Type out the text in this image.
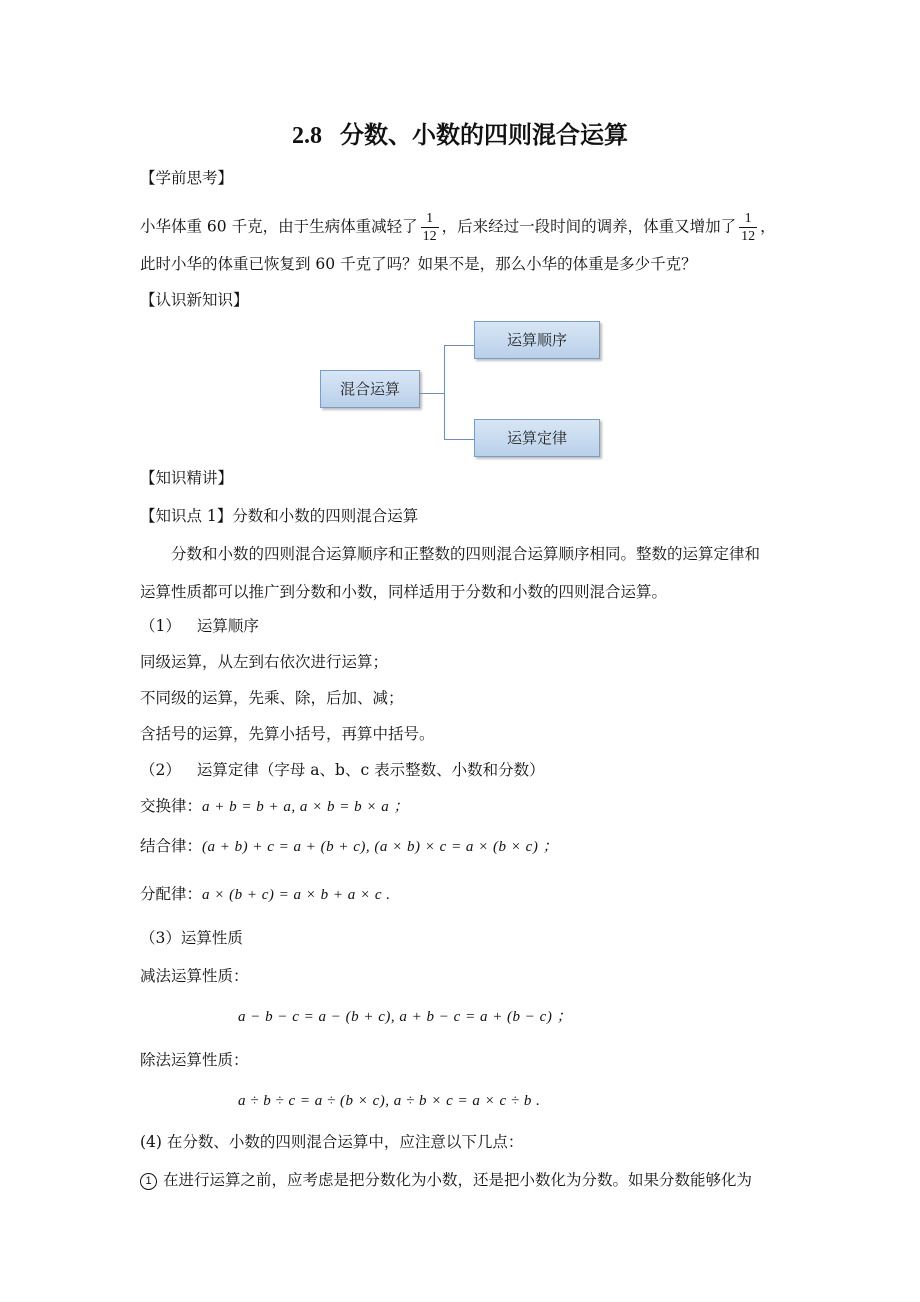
2.8 分数、小数的四则混合运算
【学前思考】
小华体重 60 千克，由于生病体重减轻了 $\frac{1}{12}$ ，后来经过一段时间的调养，体重又增加了 $\frac{1}{12}$ ，
此时小华的体重已恢复到 60 千克了吗？如果不是，那么小华的体重是多少千克？
【认识新知识】
混合运算
运算顺序
运算定律
【知识精讲】
【知识点 1】分数和小数的四则混合运算
分数和小数的四则混合运算顺序和正整数的四则混合运算顺序相同。整数的运算定律和
运算性质都可以推广到分数和小数，同样适用于分数和小数的四则混合运算。
（1） 运算顺序
同级运算，从左到右依次进行运算；
不同级的运算，先乘、除，后加、减；
含括号的运算，先算小括号，再算中括号。
（2） 运算定律（字母 a、b、c 表示整数、小数和分数）
交换律：a + b = b + a, a × b = b × a ；
结合律：(a + b) + c = a + (b + c), (a × b) × c = a × (b × c) ；
分配律：a × (b + c) = a × b + a × c .
（3）运算性质
减法运算性质：
a − b − c = a − (b + c), a + b − c = a + (b − c) ；
除法运算性质：
a ÷ b ÷ c = a ÷ (b × c), a ÷ b × c = a × c ÷ b .
(4) 在分数、小数的四则混合运算中，应注意以下几点：
1 在进行运算之前，应考虑是把分数化为小数，还是把小数化为分数。如果分数能够化为
